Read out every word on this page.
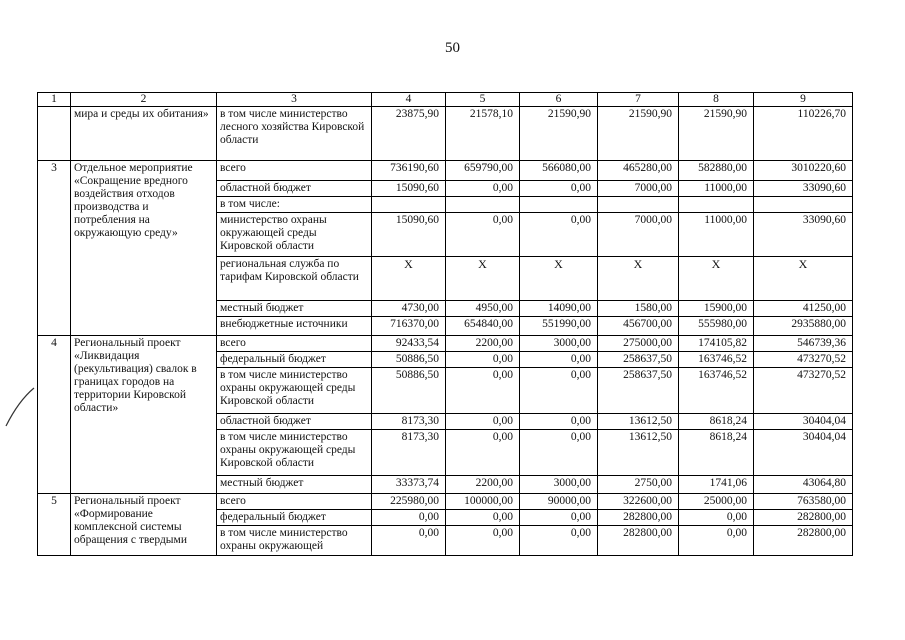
50
1	2	3	4	5	6	7	8	9
	мира и среды их обитания»	в том числе министерство лесного хозяйства Кировской области	23875,90	21578,10	21590,90	21590,90	21590,90	110226,70
3	Отдельное мероприятие «Сокращение вредного воздействия отходов производства и потребления на окружающую среду»	всего	736190,60	659790,00	566080,00	465280,00	582880,00	3010220,60
		областной бюджет	15090,60	0,00	0,00	7000,00	11000,00	33090,60
		в том числе:						
		министерство охраны окружающей среды Кировской области	15090,60	0,00	0,00	7000,00	11000,00	33090,60
		региональная служба по тарифам Кировской области	Х	Х	Х	Х	Х	Х
		местный бюджет	4730,00	4950,00	14090,00	1580,00	15900,00	41250,00
		внебюджетные источники	716370,00	654840,00	551990,00	456700,00	555980,00	2935880,00
4	Региональный проект «Ликвидация (рекультивация) свалок в границах городов на территории Кировской области»	всего	92433,54	2200,00	3000,00	275000,00	174105,82	546739,36
		федеральный бюджет	50886,50	0,00	0,00	258637,50	163746,52	473270,52
		в том числе министерство охраны окружающей среды Кировской области	50886,50	0,00	0,00	258637,50	163746,52	473270,52
		областной бюджет	8173,30	0,00	0,00	13612,50	8618,24	30404,04
		в том числе министерство охраны окружающей среды Кировской области	8173,30	0,00	0,00	13612,50	8618,24	30404,04
		местный бюджет	33373,74	2200,00	3000,00	2750,00	1741,06	43064,80
5	Региональный проект «Формирование комплексной системы обращения с твердыми	всего	225980,00	100000,00	90000,00	322600,00	25000,00	763580,00
		федеральный бюджет	0,00	0,00	0,00	282800,00	0,00	282800,00
		в том числе министерство охраны окружающей	0,00	0,00	0,00	282800,00	0,00	282800,00
